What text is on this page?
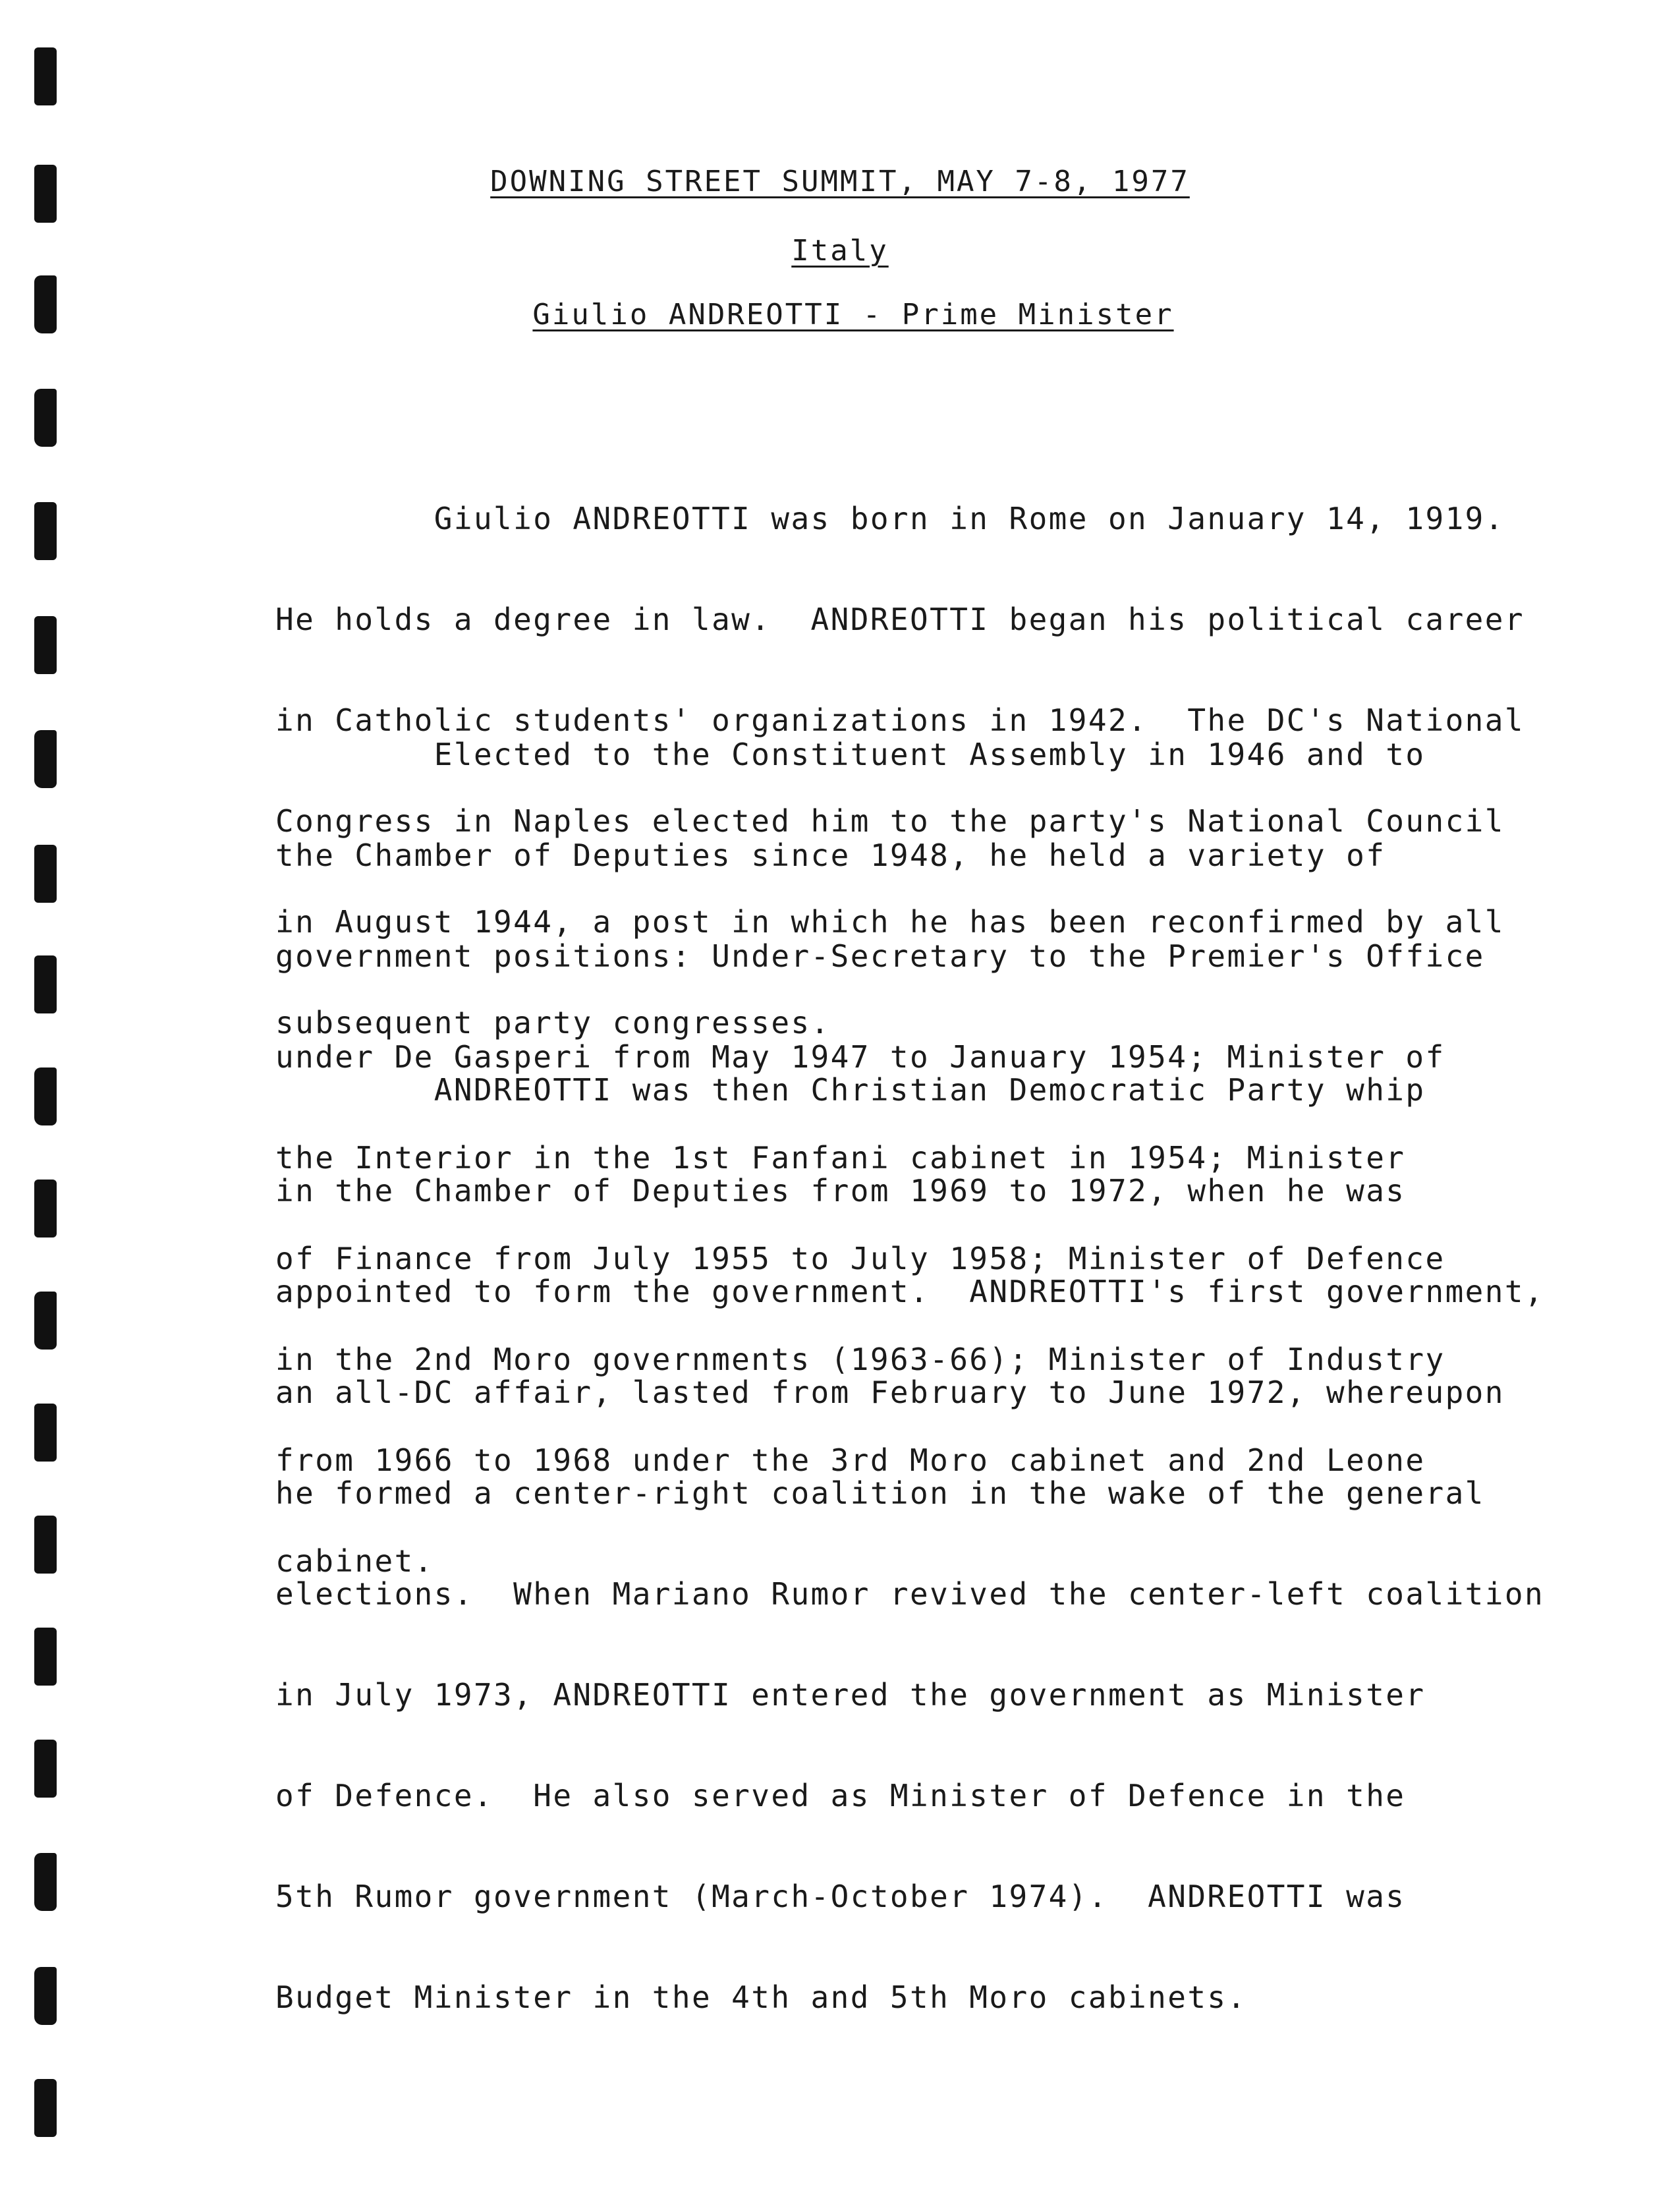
DOWNING STREET SUMMIT, MAY 7-8, 1977
Italy
Giulio ANDREOTTI - Prime Minister

Giulio ANDREOTTI was born in Rome on January 14, 1919.

He holds a degree in law.  ANDREOTTI began his political career

in Catholic students' organizations in 1942.  The DC's National

Congress in Naples elected him to the party's National Council

in August 1944, a post in which he has been reconfirmed by all

subsequent party congresses.

Elected to the Constituent Assembly in 1946 and to

the Chamber of Deputies since 1948, he held a variety of

government positions: Under-Secretary to the Premier's Office

under De Gasperi from May 1947 to January 1954; Minister of

the Interior in the 1st Fanfani cabinet in 1954; Minister

of Finance from July 1955 to July 1958; Minister of Defence

in the 2nd Moro governments (1963-66); Minister of Industry

from 1966 to 1968 under the 3rd Moro cabinet and 2nd Leone

cabinet.

ANDREOTTI was then Christian Democratic Party whip

in the Chamber of Deputies from 1969 to 1972, when he was

appointed to form the government.  ANDREOTTI's first government,

an all-DC affair, lasted from February to June 1972, whereupon

he formed a center-right coalition in the wake of the general

elections.  When Mariano Rumor revived the center-left coalition

in July 1973, ANDREOTTI entered the government as Minister

of Defence.  He also served as Minister of Defence in the

5th Rumor government (March-October 1974).  ANDREOTTI was

Budget Minister in the 4th and 5th Moro cabinets.
